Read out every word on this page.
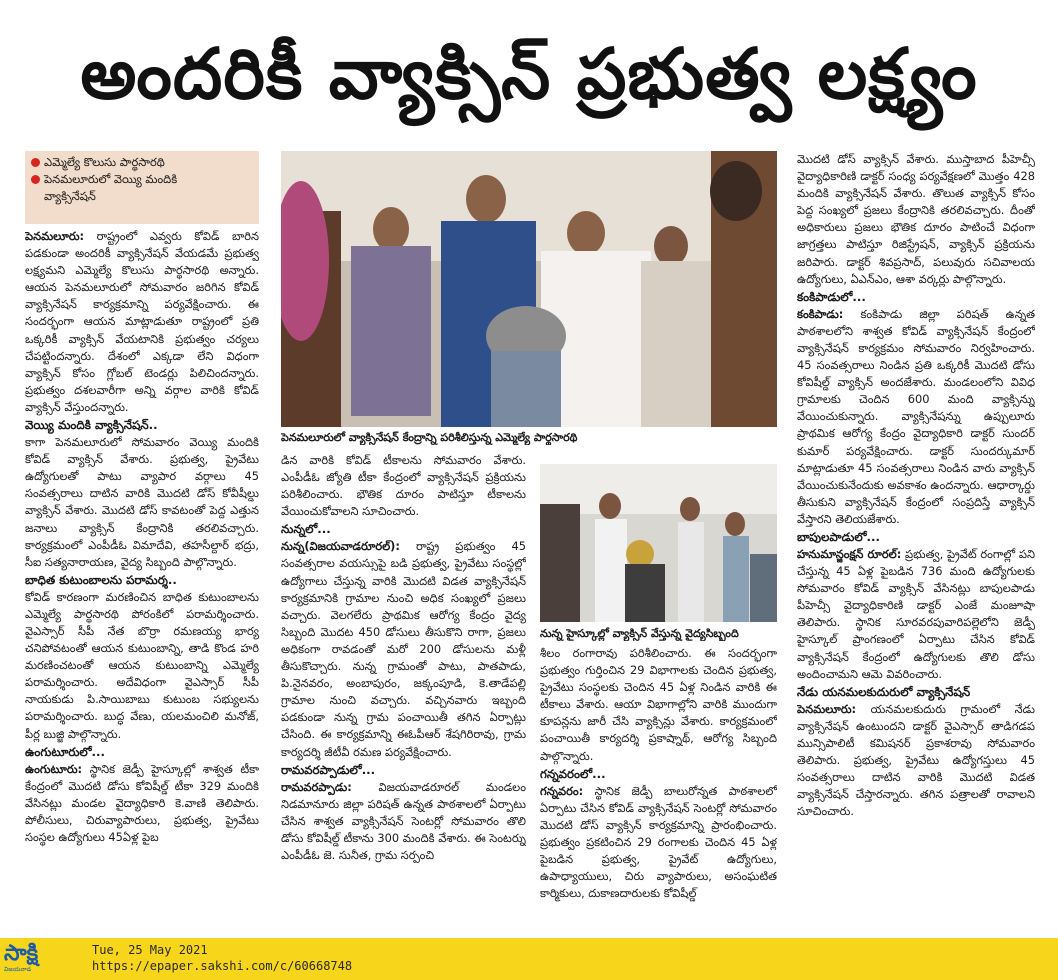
అందరికీ వ్యాక్సిన్ ప్రభుత్వ లక్ష్యం
ఎమ్మెల్యే కొలుసు పార్థసారథి
పెనమలూరులో వెయ్యి మందికి
వ్యాక్సినేషన్
పెనమలూరులో వ్యాక్సినేషన్ కేంద్రాన్ని పరిశీలిస్తున్న ఎమ్మెల్యే పార్థసారథి
నున్న హైస్కూల్లో వ్యాక్సిన్ వేస్తున్న వైద్యసిబ్బంది

పెనమలూరు: రాష్ట్రంలో ఎవ్వరు కోవిడ్ బారిన పడకుండా అందరికీ వ్యాక్సినేషన్ వేయడమే ప్రభుత్వ లక్ష్యమని ఎమ్మెల్యే కొలుసు పార్థసారథి అన్నారు. ఆయన పెనమలూరులో సోమవారం జరిగిన కోవిడ్ వ్యాక్సినేషన్ కార్యక్రమాన్ని పర్యవేక్షించారు. ఈ సందర్భంగా ఆయన మాట్లాడుతూ రాష్ట్రంలో ప్రతి ఒక్కరికీ వ్యాక్సిన్ వేయటానికి ప్రభుత్వం చర్యలు చేపట్టిందన్నారు. దేశంలో ఎక్కడా లేని విధంగా వ్యాక్సిన్ కోసం గ్లోబల్ టెండర్లు పిలిచిందన్నారు. ప్రభుత్వం దశలవారీగా అన్ని వర్గాల వారికి కోవిడ్ వ్యాక్సిన్ వేస్తుందన్నారు.

వెయ్యి మందికి వ్యాక్సినేషన్..

కాగా పెనమలూరులో సోమవారం వెయ్యి మందికి కోవిడ్ వ్యాక్సిన్ వేశారు. ప్రభుత్వ, ప్రైవేటు ఉద్యోగులతో పాటు వ్యాపార వర్గాలు 45 సంవత్సరాలు దాటిన వారికి మొదటి డోస్ కోవీషీల్డు వ్యాక్సిన్ వేశారు. మొదటి డోస్ కావటంతో పెద్ద ఎత్తున జనాలు వ్యాక్సిన్ కేంద్రానికి తరలివచ్చారు. కార్యక్రమంలో ఎంపీడీఓ విమాదేవి, తహసీల్దార్ భద్రు, సీఐ సత్యనారాయణ, వైద్య సిబ్బంది పాల్గొన్నారు.

బాధిత కుటుంబాలను పరామర్శ..

కోవిడ్ కారణంగా మరణించిన బాధిత కుటుంబాలను ఎమ్మెల్యే పార్థసారథి పోరంకిలో పరామర్శించారు. వైఎస్సార్ సీపీ నేత బొర్రా రమణయ్య భార్య చనిపోవటంతో ఆయన కుటుంబాన్ని, తాడి కొండ హరి మరణించటంతో ఆయన కుటుంబాన్ని ఎమ్మెల్యే పరామర్శించారు. అదేవిధంగా వైఎస్సార్ సీపీ నాయకుడు పి.సాయిబాబు కుటుంబ సభ్యులను పరామర్శించారు. బుద్ధ వేణు, యలమంచిలి మనోజ్, పీర్ల బుజ్జి పాల్గొన్నారు.

ఉంగుటూరులో...

ఉంగుటూరు: స్థానిక జెడ్పీ హైస్కూల్లో శాశ్వత టీకా కేంద్రంలో మొదటి డోసు కోవిషీల్డ్ టీకా 329 మందికి వేసినట్లు మండల వైద్యాధికారి కె.వాణి తెలిపారు. పోలీసులు, చిరువ్యాపారులు, ప్రభుత్వ, ప్రైవేటు సంస్థల ఉద్యోగులు 45ఏళ్ల పైబ

డిన వారికి కోవిడ్ టీకాలను సోమవారం వేశారు. ఎంపీడీఓ జ్యోతి టీకా కేంద్రంలో వ్యాక్సినేషన్ ప్రక్రియను పరిశీలించారు. భౌతిక దూరం పాటిస్తూ టీకాలను వేయించుకోవాలని సూచించారు.

నున్నలో...

నున్న(విజయవాడరూరల్): రాష్ట్ర ప్రభుత్వం 45 సంవత్సరాల వయస్సుపై బడి ప్రభుత్వ, ప్రైవేటు సంస్థల్లో ఉద్యోగాలు చేస్తున్న వారికి మొదటి విడత వ్యాక్సినేషన్ కార్యక్రమానికి గ్రామాల నుంచి అధిక సంఖ్యలో ప్రజలు వచ్చారు. వెలగలేరు ప్రాథమిక ఆరోగ్య కేంద్రం వైద్య సిబ్బంది మొదట 450 డోసులు తీసుకొని రాగా, ప్రజలు అధికంగా రావడంతో మరో 200 డోసులను మళ్లీ తీసుకొచ్చారు. నున్న గ్రామంతో పాటు, పాతపాడు, పి.నైనవరం, అంబాపురం, జక్కంపూడి, కె.తాడేపల్లి గ్రామాల నుంచి వచ్చారు. వచ్చినవారు ఇబ్బంది పడకుండా నున్న గ్రామ పంచాయితీ తగిన ఏర్పాట్లు చేసింది. ఈ కార్యక్రమాన్ని ఈఓపీఆర్ శేషగిరిరావు, గ్రామ కార్యదర్శి జీటీవీ రమణ పర్యవేక్షించారు.

రామవరప్పాడులో...

రామవరప్పాడు: విజయవాడరూరల్ మండలం నిడమానూరు జిల్లా పరిషత్ ఉన్నత పాఠశాలలో ఏర్పాటు చేసిన శాశ్వత వ్యాక్సినేషన్ సెంటర్లో సోమవారం తొలి డోసు కోవిషీల్డ్ టీకాను 300 మందికి వేశారు. ఈ సెంటర్ను ఎంపీడీఓ జె. సునీత, గ్రామ సర్పంచి

శీలం రంగారావు పరిశీలించారు. ఈ సందర్భంగా ప్రభుత్వం గుర్తించిన 29 విభాగాలకు చెందిన ప్రభుత్వ, ప్రైవేటు సంస్థలకు చెందిన 45 ఏళ్ల నిండిన వారికి ఈ టీకాలు వేశారు. ఆయా విభాగాల్లోని వారికి ముందుగా కూపన్లను జారీ చేసి వ్యాక్సిన్లు వేశారు. కార్యక్రమంలో పంచాయితీ కార్యదర్శి ప్రకాష్నాథ్, ఆరోగ్య సిబ్బంది పాల్గొన్నారు.

గన్నవరంలో...

గన్నవరం: స్థానిక జెడ్పీ బాలురోన్నత పాఠశాలలో ఏర్పాటు చేసిన కోవిడ్ వ్యాక్సినేషన్ సెంటర్లో సోమవారం మొదటి డోస్ వ్యాక్సిన్ కార్యక్రమాన్ని ప్రారంభించారు. ప్రభుత్వం ప్రకటించిన 29 రంగాలకు చెందిన 45 ఏళ్ల పైబడిన ప్రభుత్వ, ప్రైవేట్ ఉద్యోగులు, ఉపాధ్యాయులు, చిరు వ్యాపారులు, అసంఘటిత కార్మికులు, దుకాణదారులకు కోవిషీల్డ్

మొదటి డోస్ వ్యాక్సిన్ వేశారు. ముస్తాబాద పీహెచ్సీ వైద్యాధికారిణి డాక్టర్ సంధ్య పర్యవేక్షణలో మొత్తం 428 మందికి వ్యాక్సినేషన్ వేశారు. తొలుత వ్యాక్సిన్ కోసం పెద్ద సంఖ్యలో ప్రజలు కేంద్రానికి తరలివచ్చారు. దీంతో అధికారులు ప్రజలు భౌతిక దూరం పాటించే విధంగా జాగ్రత్తలు పాటిస్తూ రిజిస్ట్రేషన్, వ్యాక్సిన్ ప్రక్రియను జరిపారు. డాక్టర్ శివప్రసాద్, పలువురు సచివాలయ ఉద్యోగులు, ఏఎన్ఎం, ఆశా వర్కర్లు పాల్గొన్నారు.

కంకిపాడులో...

కంకిపాడు: కంకిపాడు జిల్లా పరిషత్ ఉన్నత పాఠశాలలోని శాశ్వత కోవిడ్ వ్యాక్సినేషన్ కేంద్రంలో వ్యాక్సినేషన్ కార్యక్రమం సోమవారం నిర్వహించారు. 45 సంవత్సరాలు నిండిన ప్రతి ఒక్కరికీ మొదటి డోసు కోవిషీల్డ్ వ్యాక్సిన్ అందజేశారు. మండలంలోని వివిధ గ్రామాలకు చెందిన 600 మంది వ్యాక్సిన్ను వేయించుకున్నారు. వ్యాక్సినేషన్ను ఉప్పులూరు ప్రాథమిక ఆరోగ్య కేంద్రం వైద్యాధికారి డాక్టర్ సుందర్ కుమార్ పర్యవేక్షించారు. డాక్టర్ సుందర్కుమార్ మాట్లాడుతూ 45 సంవత్సరాలు నిండిన వారు వ్యాక్సిన్ వేయించుకునేందుకు అవకాశం ఉందన్నారు. ఆధార్కార్డు తీసుకుని వ్యాక్సినేషన్ కేంద్రంలో సంప్రదిస్తే వ్యాక్సిన్ వేస్తారని తెలియజేశారు.

బాపులపాడులో...

హనుమాన్జంక్షన్ రూరల్: ప్రభుత్వ, ప్రైవేట్ రంగాల్లో పని చేస్తున్న 45 ఏళ్ల పైబడిన 736 మంది ఉద్యోగులకు సోమవారం కోవిడ్ వ్యాక్సిన్ వేసినట్లు బాపులపాడు పీహెచ్సీ వైద్యాధికారిణి డాక్టర్ ఎంజే మంజూషా తెలిపారు. స్థానిక సూరవరపువారిపల్లెలోని జెడ్పీ హైస్కూల్ ప్రాంగణంలో ఏర్పాటు చేసిన కోవిడ్ వ్యాక్సినేషన్ కేంద్రంలో ఉద్యోగులకు తొలి డోసు అందించామని ఆమె వివరించారు.

నేడు యనమలకుదురులో వ్యాక్సినేషన్

పెనమలూరు: యనమలకుదురు గ్రామంలో నేడు వ్యాక్సినేషన్ ఉంటుందని డాక్టర్ వైఎస్సార్ తాడిగడప మున్సిపాలిటీ కమిషనర్ ప్రకాశరావు సోమవారం తెలిపారు. ప్రభుత్వ, ప్రైవేటు ఉద్యోగస్తులు 45 సంవత్సరాలు దాటిన వారికి మొదటి విడత వ్యాక్సినేషన్ చేస్తారన్నారు. తగిన పత్రాలతో రావాలని సూచించారు.

సాక్షి
విజయవాడ
Tue, 25 May 2021
https://epaper.sakshi.com/c/60668748
